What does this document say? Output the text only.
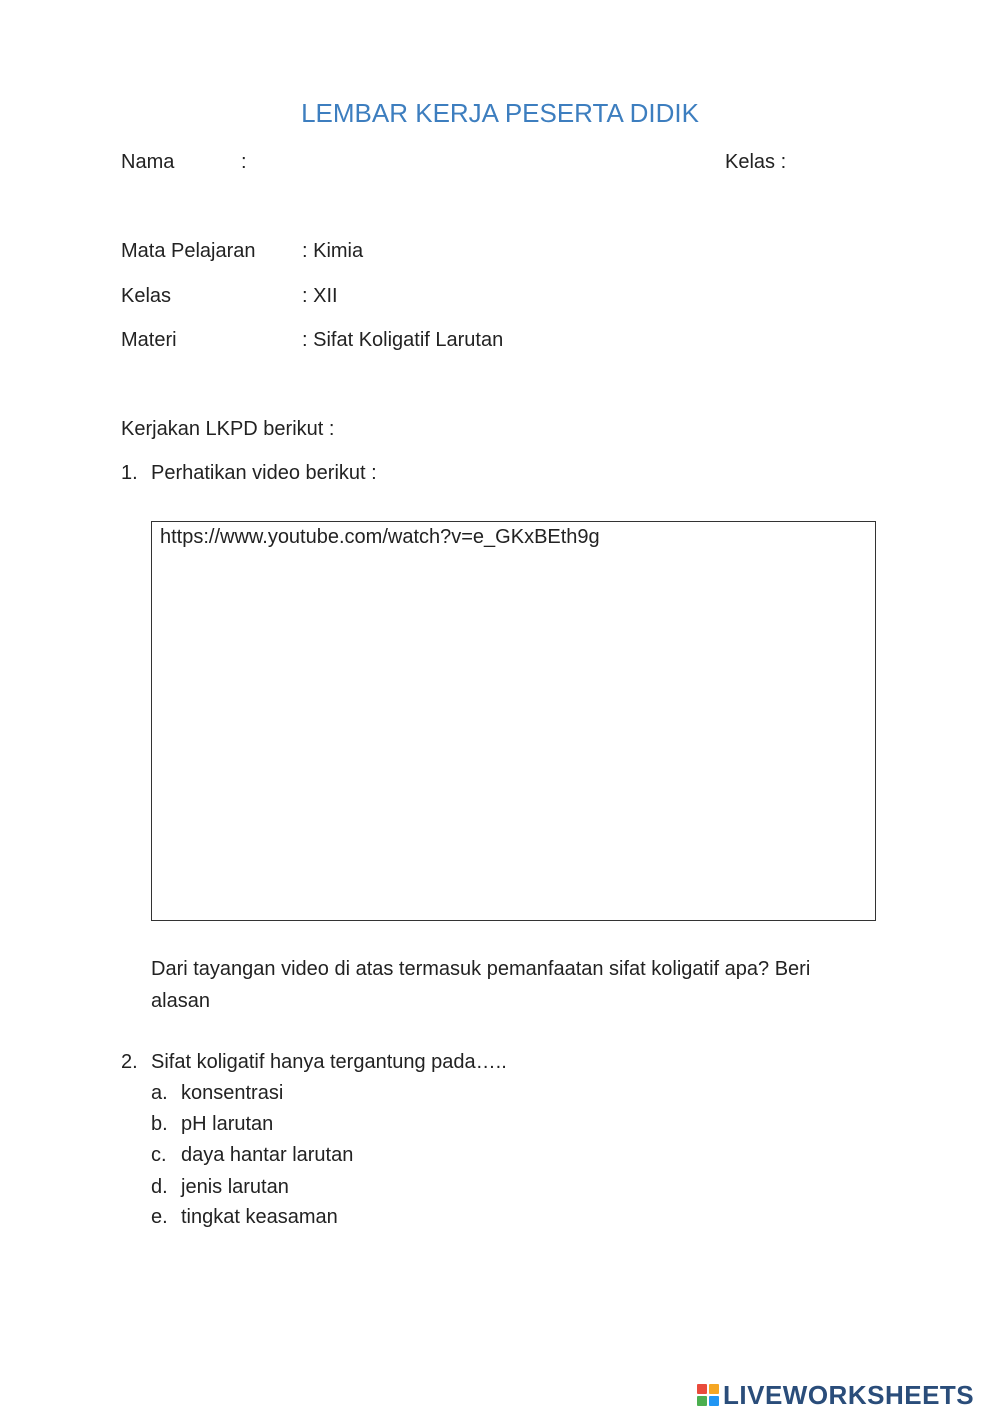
LEMBAR KERJA PESERTA DIDIK
Nama	:	Kelas :
Mata Pelajaran : Kimia
Kelas	: XII
Materi	: Sifat Koligatif Larutan
Kerjakan LKPD berikut :
1. Perhatikan video berikut :
https://www.youtube.com/watch?v=e_GKxBEth9g
Dari tayangan video di atas termasuk pemanfaatan sifat koligatif apa? Beri
alasan
2. Sifat koligatif hanya tergantung pada…..
a. konsentrasi
b. pH larutan
c. daya hantar larutan
d. jenis larutan
e. tingkat keasaman
LIVEWORKSHEETS
